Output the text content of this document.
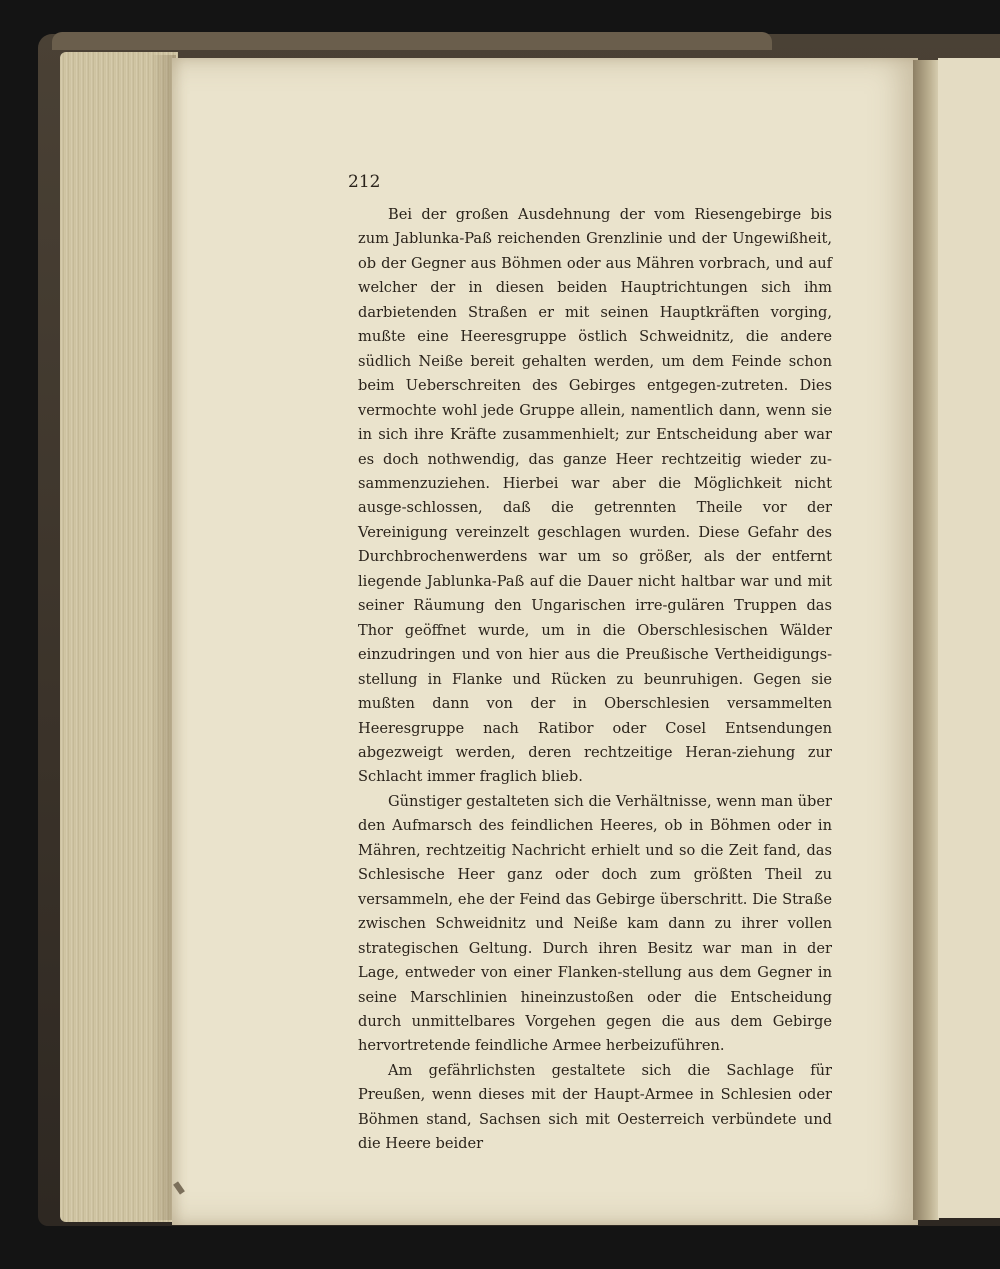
212

Bei der großen Ausdehnung der vom Riesengebirge bis zum Jablunka-Paß reichenden Grenzlinie und der Ungewißheit, ob der Gegner aus Böhmen oder aus Mähren vorbrach, und auf welcher der in diesen beiden Hauptrichtungen sich ihm darbietenden Straßen er mit seinen Hauptkräften vorging, mußte eine Heeresgruppe östlich Schweidnitz, die andere südlich Neiße bereit gehalten werden, um dem Feinde schon beim Ueberschreiten des Gebirges entgegen-zutreten. Dies vermochte wohl jede Gruppe allein, namentlich dann, wenn sie in sich ihre Kräfte zusammenhielt; zur Entscheidung aber war es doch nothwendig, das ganze Heer rechtzeitig wieder zu-sammenzuziehen. Hierbei war aber die Möglichkeit nicht ausge-schlossen, daß die getrennten Theile vor der Vereinigung vereinzelt geschlagen wurden. Diese Gefahr des Durchbrochenwerdens war um so größer, als der entfernt liegende Jablunka-Paß auf die Dauer nicht haltbar war und mit seiner Räumung den Ungarischen irre-gulären Truppen das Thor geöffnet wurde, um in die Oberschlesischen Wälder einzudringen und von hier aus die Preußische Vertheidigungs-stellung in Flanke und Rücken zu beunruhigen. Gegen sie mußten dann von der in Oberschlesien versammelten Heeresgruppe nach Ratibor oder Cosel Entsendungen abgezweigt werden, deren rechtzeitige Heran-ziehung zur Schlacht immer fraglich blieb.

Günstiger gestalteten sich die Verhältnisse, wenn man über den Aufmarsch des feindlichen Heeres, ob in Böhmen oder in Mähren, rechtzeitig Nachricht erhielt und so die Zeit fand, das Schlesische Heer ganz oder doch zum größten Theil zu versammeln, ehe der Feind das Gebirge überschritt. Die Straße zwischen Schweidnitz und Neiße kam dann zu ihrer vollen strategischen Geltung. Durch ihren Besitz war man in der Lage, entweder von einer Flanken-stellung aus dem Gegner in seine Marschlinien hineinzustoßen oder die Entscheidung durch unmittelbares Vorgehen gegen die aus dem Gebirge hervortretende feindliche Armee herbeizuführen.

Am gefährlichsten gestaltete sich die Sachlage für Preußen, wenn dieses mit der Haupt-Armee in Schlesien oder Böhmen stand, Sachsen sich mit Oesterreich verbündete und die Heere beider
